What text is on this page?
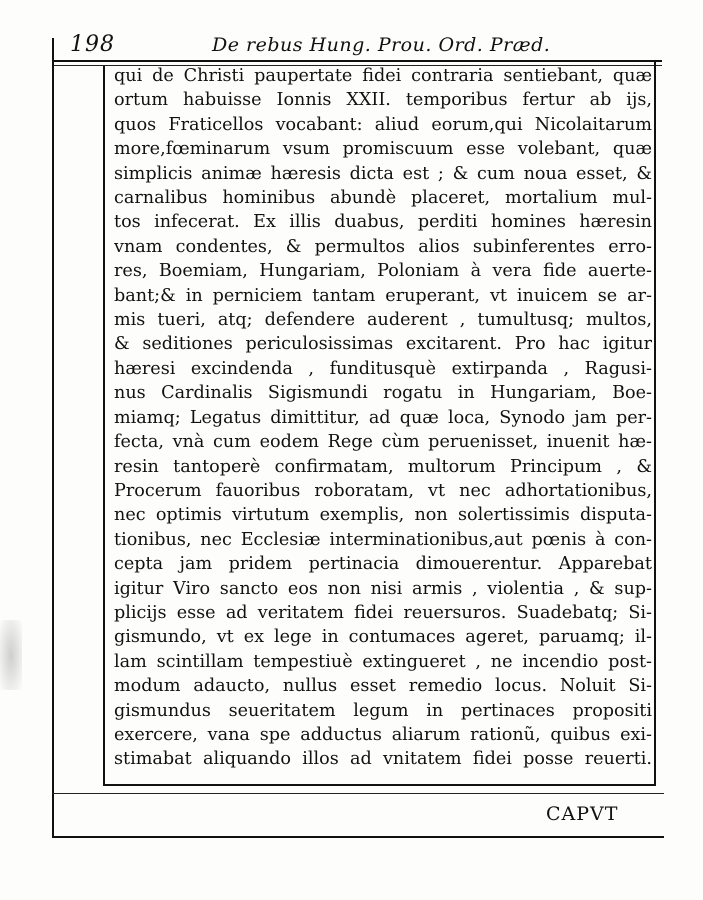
198	De rebus Hung. Prou. Ord. Præd.
qui de Christi paupertate fidei contraria sentiebant, quæ
ortum habuisse Ionnis XXII. temporibus fertur ab ijs,
quos Fraticellos vocabant: aliud eorum,qui Nicolaitarum
more,fœminarum vsum promiscuum esse volebant, quæ
simplicis animæ hæresis dicta est ; & cum noua esset, &
carnalibus hominibus abundè placeret, mortalium mul-
tos infecerat. Ex illis duabus, perditi homines hæresin
vnam condentes, & permultos alios subinferentes erro-
res, Boemiam, Hungariam, Poloniam à vera fide auerte-
bant;& in perniciem tantam eruperant, vt inuicem se ar-
mis tueri, atq; defendere auderent , tumultusq; multos,
& seditiones periculosissimas excitarent. Pro hac igitur
hæresi excindenda , funditusquè extirpanda , Ragusi-
nus Cardinalis Sigismundi rogatu in Hungariam, Boe-
miamq; Legatus dimittitur, ad quæ loca, Synodo jam per-
fecta, vnà cum eodem Rege cùm peruenisset, inuenit hæ-
resin tantoperè confirmatam, multorum Principum , &
Procerum fauoribus roboratam, vt nec adhortationibus,
nec optimis virtutum exemplis, non solertissimis disputa-
tionibus, nec Ecclesiæ interminationibus,aut pœnis à con-
cepta jam pridem pertinacia dimouerentur. Apparebat
igitur Viro sancto eos non nisi armis , violentia , & sup-
plicijs esse ad veritatem fidei reuersuros. Suadebatq; Si-
gismundo, vt ex lege in contumaces ageret, paruamq; il-
lam scintillam tempestiuè extingueret , ne incendio post-
modum adaucto, nullus esset remedio locus. Noluit Si-
gismundus seueritatem legum in pertinaces propositi
exercere, vana spe adductus aliarum rationũ, quibus exi-
stimabat aliquando illos ad vnitatem fidei posse reuerti.
CAPVT
